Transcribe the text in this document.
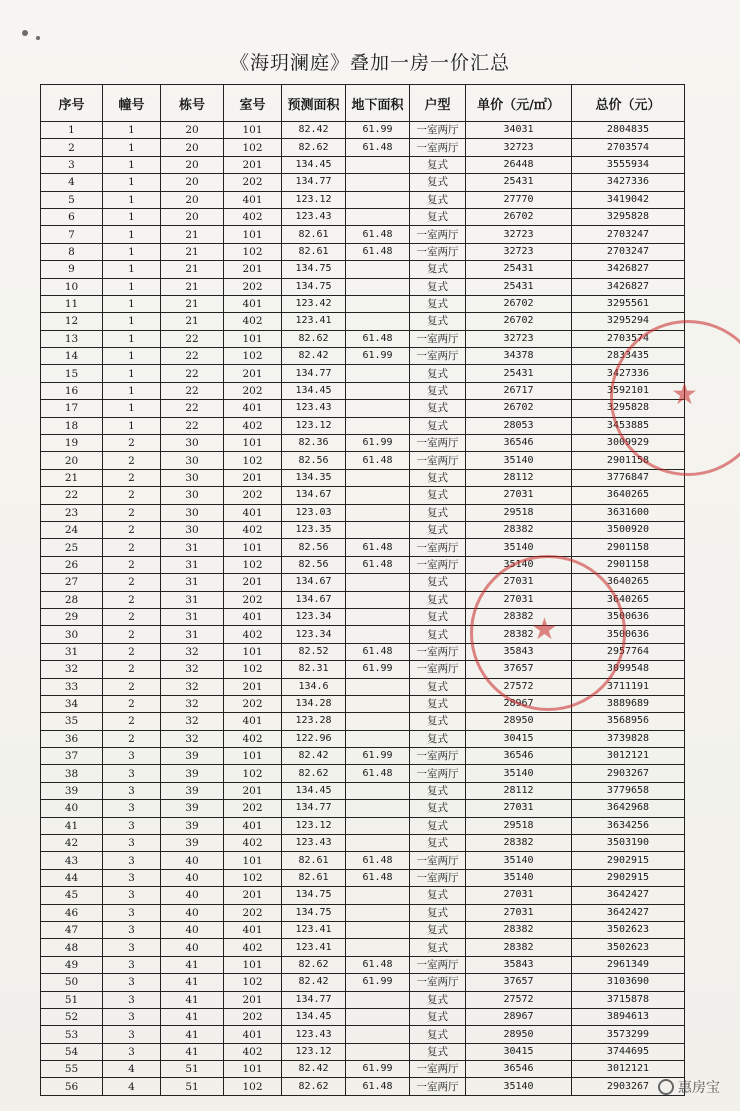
《海玥澜庭》叠加一房一价汇总
序号	幢号	栋号	室号	预测面积	地下面积	户型	单价（元/㎡）	总价（元）
1	1	20	101	82.42	61.99	一室两厅	34031	2804835
2	1	20	102	82.62	61.48	一室两厅	32723	2703574
3	1	20	201	134.45		复式	26448	3555934
4	1	20	202	134.77		复式	25431	3427336
5	1	20	401	123.12		复式	27770	3419042
6	1	20	402	123.43		复式	26702	3295828
7	1	21	101	82.61	61.48	一室两厅	32723	2703247
8	1	21	102	82.61	61.48	一室两厅	32723	2703247
9	1	21	201	134.75		复式	25431	3426827
10	1	21	202	134.75		复式	25431	3426827
11	1	21	401	123.42		复式	26702	3295561
12	1	21	402	123.41		复式	26702	3295294
13	1	22	101	82.62	61.48	一室两厅	32723	2703574
14	1	22	102	82.42	61.99	一室两厅	34378	2833435
15	1	22	201	134.77		复式	25431	3427336
16	1	22	202	134.45		复式	26717	3592101
17	1	22	401	123.43		复式	26702	3295828
18	1	22	402	123.12		复式	28053	3453885
19	2	30	101	82.36	61.99	一室两厅	36546	3009929
20	2	30	102	82.56	61.48	一室两厅	35140	2901158
21	2	30	201	134.35		复式	28112	3776847
22	2	30	202	134.67		复式	27031	3640265
23	2	30	401	123.03		复式	29518	3631600
24	2	30	402	123.35		复式	28382	3500920
25	2	31	101	82.56	61.48	一室两厅	35140	2901158
26	2	31	102	82.56	61.48	一室两厅	35140	2901158
27	2	31	201	134.67		复式	27031	3640265
28	2	31	202	134.67		复式	27031	3640265
29	2	31	401	123.34		复式	28382	3500636
30	2	31	402	123.34		复式	28382	3500636
31	2	32	101	82.52	61.48	一室两厅	35843	2957764
32	2	32	102	82.31	61.99	一室两厅	37657	3099548
33	2	32	201	134.6		复式	27572	3711191
34	2	32	202	134.28		复式	28967	3889689
35	2	32	401	123.28		复式	28950	3568956
36	2	32	402	122.96		复式	30415	3739828
37	3	39	101	82.42	61.99	一室两厅	36546	3012121
38	3	39	102	82.62	61.48	一室两厅	35140	2903267
39	3	39	201	134.45		复式	28112	3779658
40	3	39	202	134.77		复式	27031	3642968
41	3	39	401	123.12		复式	29518	3634256
42	3	39	402	123.43		复式	28382	3503190
43	3	40	101	82.61	61.48	一室两厅	35140	2902915
44	3	40	102	82.61	61.48	一室两厅	35140	2902915
45	3	40	201	134.75		复式	27031	3642427
46	3	40	202	134.75		复式	27031	3642427
47	3	40	401	123.41		复式	28382	3502623
48	3	40	402	123.41		复式	28382	3502623
49	3	41	101	82.62	61.48	一室两厅	35843	2961349
50	3	41	102	82.42	61.99	一室两厅	37657	3103690
51	3	41	201	134.77		复式	27572	3715878
52	3	41	202	134.45		复式	28967	3894613
53	3	41	401	123.43		复式	28950	3573299
54	3	41	402	123.12		复式	30415	3744695
55	4	51	101	82.42	61.99	一室两厅	36546	3012121
56	4	51	102	82.62	61.48	一室两厅	35140	2903267
★
★
惠房宝
